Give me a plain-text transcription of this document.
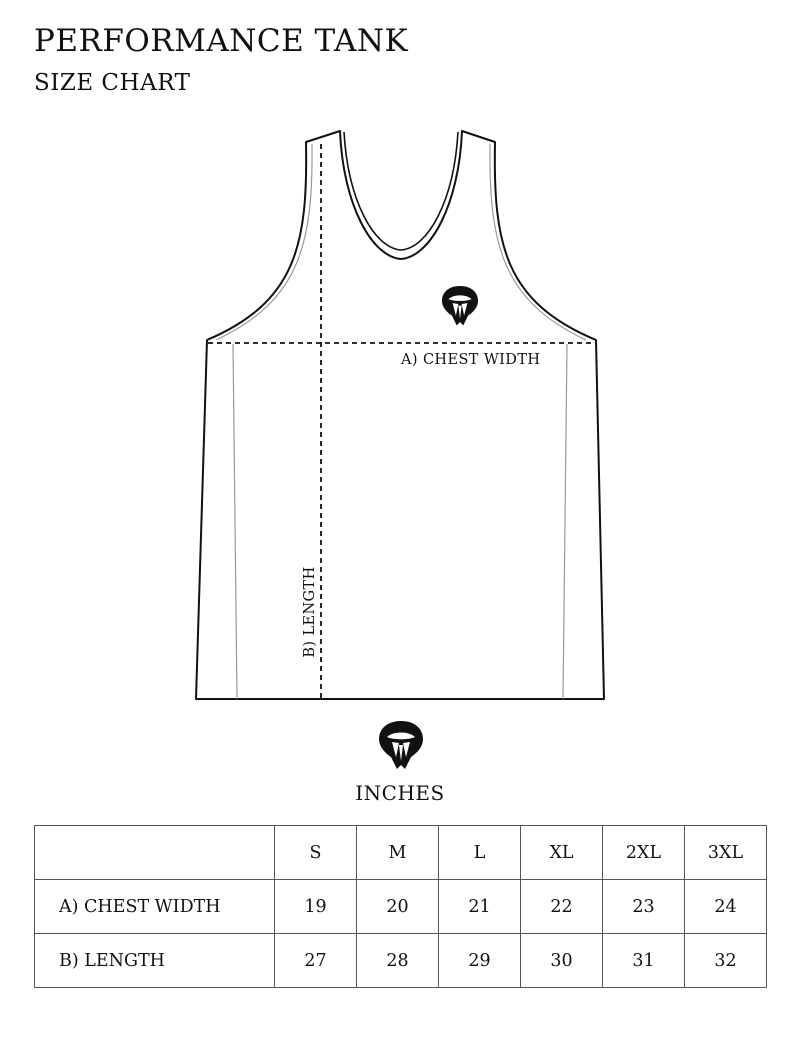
PERFORMANCE TANK
SIZE CHART
A) CHEST WIDTH
B) LENGTH
INCHES
	S	M	L	XL	2XL	3XL
A) CHEST WIDTH	19	20	21	22	23	24
B) LENGTH	27	28	29	30	31	32
